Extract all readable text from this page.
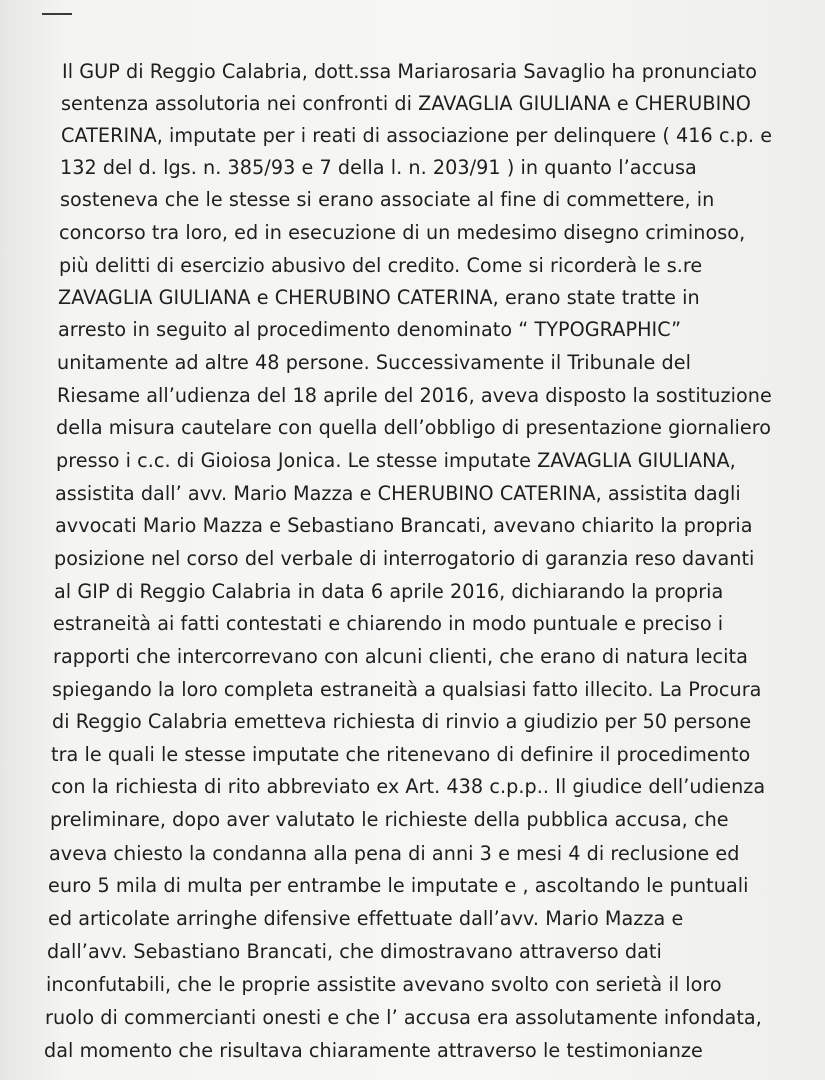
Il GUP di Reggio Calabria, dott.ssa Mariarosaria Savaglio ha pronunciato
sentenza assolutoria nei confronti di ZAVAGLIA GIULIANA e CHERUBINO
CATERINA, imputate per i reati di associazione per delinquere ( 416 c.p. e
132 del d. lgs. n. 385/93 e 7 della l. n. 203/91 ) in quanto l’accusa
sosteneva che le stesse si erano associate al fine di commettere, in
concorso tra loro, ed in esecuzione di un medesimo disegno criminoso,
più delitti di esercizio abusivo del credito. Come si ricorderà le s.re
ZAVAGLIA GIULIANA e CHERUBINO CATERINA, erano state tratte in
arresto in seguito al procedimento denominato “ TYPOGRAPHIC”
unitamente ad altre 48 persone. Successivamente il Tribunale del
Riesame all’udienza del 18 aprile del 2016, aveva disposto la sostituzione
della misura cautelare con quella dell’obbligo di presentazione giornaliero
presso i c.c. di Gioiosa Jonica. Le stesse imputate ZAVAGLIA GIULIANA,
assistita dall’ avv. Mario Mazza e CHERUBINO CATERINA, assistita dagli
avvocati Mario Mazza e Sebastiano Brancati, avevano chiarito la propria
posizione nel corso del verbale di interrogatorio di garanzia reso davanti
al GIP di Reggio Calabria in data 6 aprile 2016, dichiarando la propria
estraneità ai fatti contestati e chiarendo in modo puntuale e preciso i
rapporti che intercorrevano con alcuni clienti, che erano di natura lecita
spiegando la loro completa estraneità a qualsiasi fatto illecito. La Procura
di Reggio Calabria emetteva richiesta di rinvio a giudizio per 50 persone
tra le quali le stesse imputate che ritenevano di definire il procedimento
con la richiesta di rito abbreviato ex Art. 438 c.p.p.. Il giudice dell’udienza
preliminare, dopo aver valutato le richieste della pubblica accusa, che
aveva chiesto la condanna alla pena di anni 3 e mesi 4 di reclusione ed
euro 5 mila di multa per entrambe le imputate e , ascoltando le puntuali
ed articolate arringhe difensive effettuate dall’avv. Mario Mazza e
dall’avv. Sebastiano Brancati, che dimostravano attraverso dati
inconfutabili, che le proprie assistite avevano svolto con serietà il loro
ruolo di commercianti onesti e che l’ accusa era assolutamente infondata,
dal momento che risultava chiaramente attraverso le testimonianze
